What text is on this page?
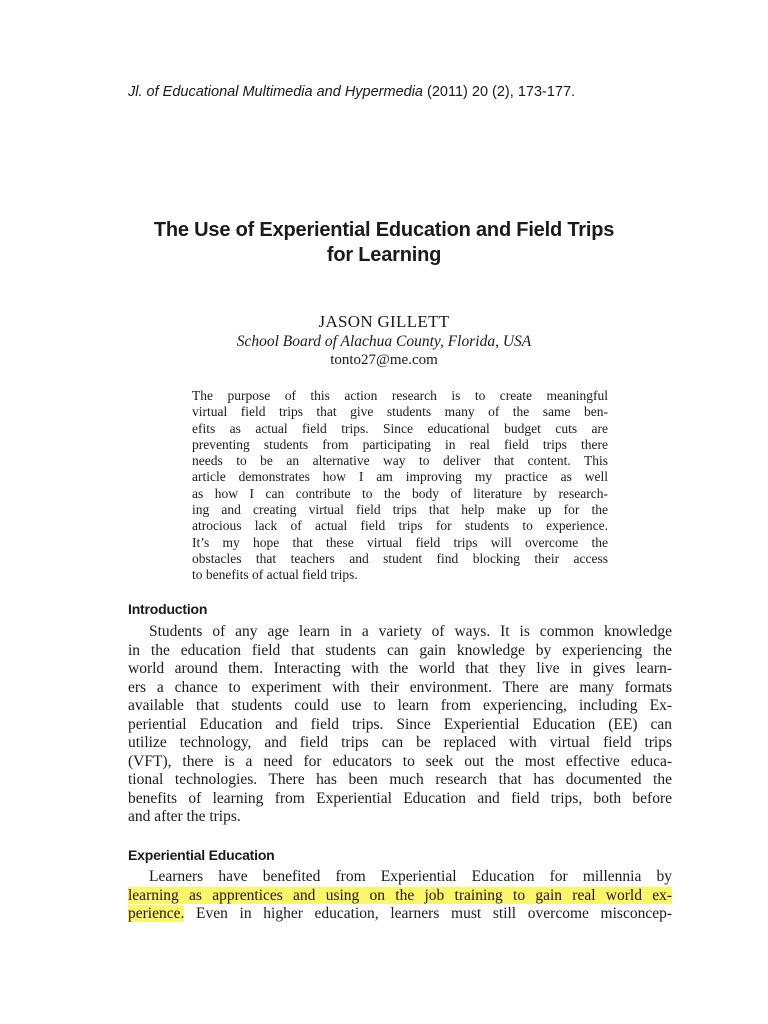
Jl. of Educational Multimedia and Hypermedia (2011) 20 (2), 173-177.
The Use of Experiential Education and Field Trips
for Learning
JASON GILLETT
School Board of Alachua County, Florida, USA
tonto27@me.com
The purpose of this action research is to create meaningful
virtual field trips that give students many of the same ben-
efits as actual field trips. Since educational budget cuts are
preventing students from participating in real field trips there
needs to be an alternative way to deliver that content. This
article demonstrates how I am improving my practice as well
as how I can contribute to the body of literature by research-
ing and creating virtual field trips that help make up for the
atrocious lack of actual field trips for students to experience.
It’s my hope that these virtual field trips will overcome the
obstacles that teachers and student find blocking their access
to benefits of actual field trips.
Introduction
Students of any age learn in a variety of ways. It is common knowledge
in the education field that students can gain knowledge by experiencing the
world around them. Interacting with the world that they live in gives learn-
ers a chance to experiment with their environment. There are many formats
available that students could use to learn from experiencing, including Ex-
periential Education and field trips. Since Experiential Education (EE) can
utilize technology, and field trips can be replaced with virtual field trips
(VFT), there is a need for educators to seek out the most effective educa-
tional technologies. There has been much research that has documented the
benefits of learning from Experiential Education and field trips, both before
and after the trips.
Experiential Education
Learners have benefited from Experiential Education for millennia by
learning as apprentices and using on the job training to gain real world ex-
perience. Even in higher education, learners must still overcome misconcep-
